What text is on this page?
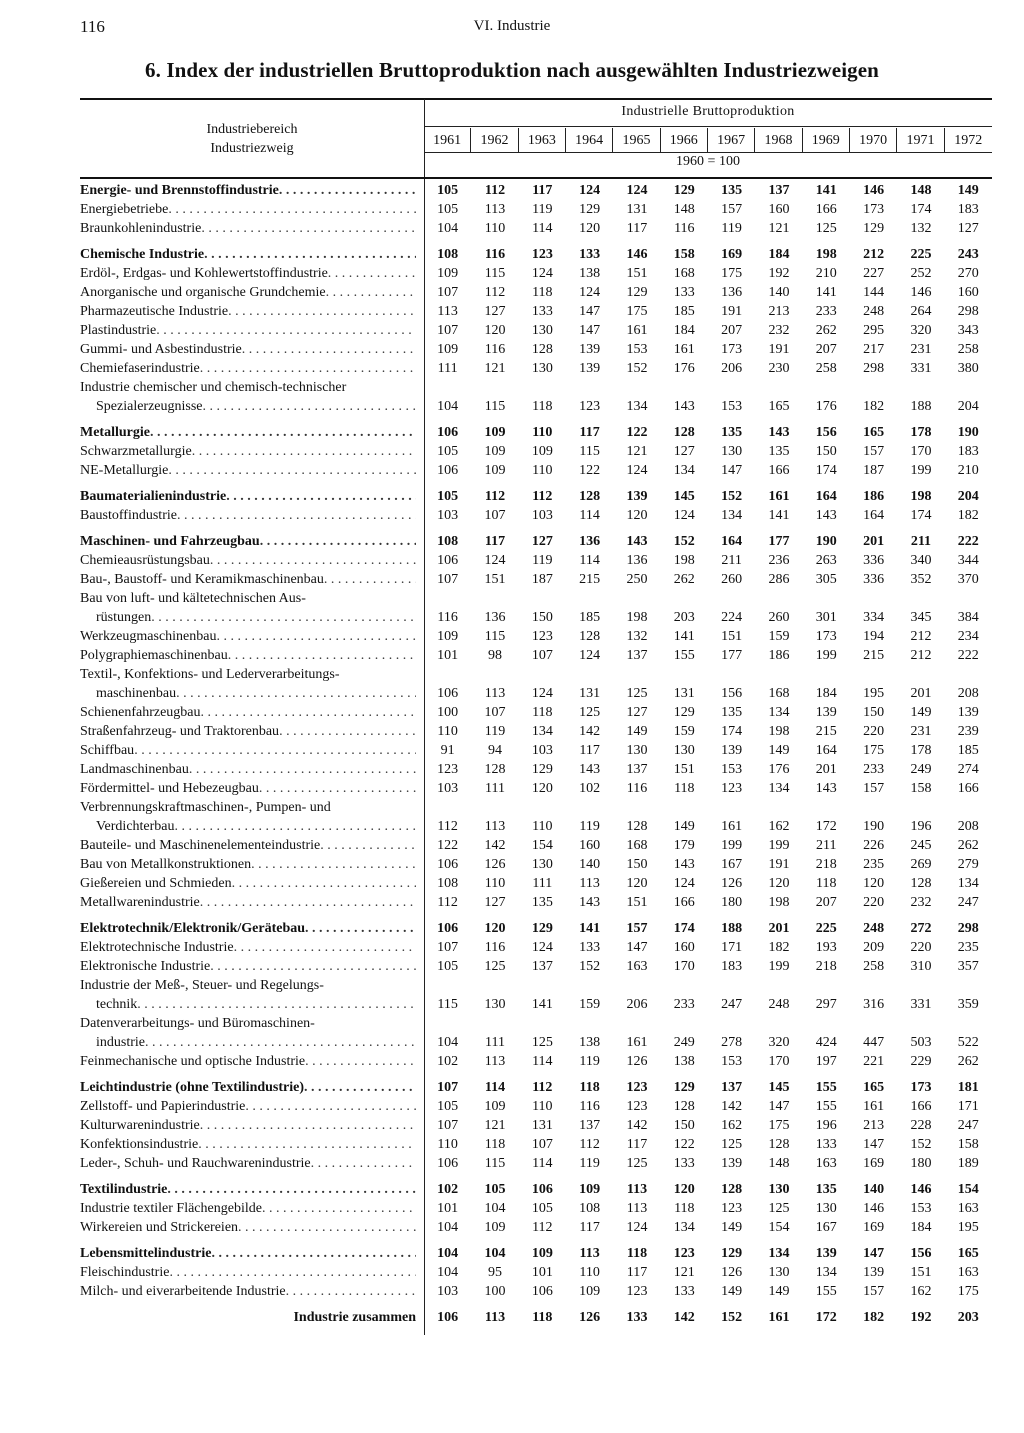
116	VI. Industrie
6. Index der industriellen Bruttoproduktion nach ausgewählten Industriezweigen
Industrielle Bruttoproduktion
Industriebereich
Industriezweig
1961	1962	1963	1964	1965	1966	1967	1968	1969	1970	1971	1972
1960 = 100
Energie- und Brennstoffindustrie . . .	105	112	117	124	124	129	135	137	141	146	148	149
Energiebetriebe . . .	105	113	119	129	131	148	157	160	166	173	174	183
Braunkohlenindustrie . . .	104	110	114	120	117	116	119	121	125	129	132	127
Chemische Industrie . . .	108	116	123	133	146	158	169	184	198	212	225	243
Erdöl-, Erdgas- und Kohlewertstoffindustrie . . .	109	115	124	138	151	168	175	192	210	227	252	270
Anorganische und organische Grundchemie . . .	107	112	118	124	129	133	136	140	141	144	146	160
Pharmazeutische Industrie . . .	113	127	133	147	175	185	191	213	233	248	264	298
Plastindustrie . . .	107	120	130	147	161	184	207	232	262	295	320	343
Gummi- und Asbestindustrie . . .	109	116	128	139	153	161	173	191	207	217	231	258
Chemiefaserindustrie . . .	111	121	130	139	152	176	206	230	258	298	331	380
Industrie chemischer und chemisch-technischer
Spezialerzeugnisse . . .	104	115	118	123	134	143	153	165	176	182	188	204
Metallurgie . . .	106	109	110	117	122	128	135	143	156	165	178	190
Schwarzmetallurgie . . .	105	109	109	115	121	127	130	135	150	157	170	183
NE-Metallurgie . . .	106	109	110	122	124	134	147	166	174	187	199	210
Baumaterialienindustrie . . .	105	112	112	128	139	145	152	161	164	186	198	204
Baustoffindustrie . . .	103	107	103	114	120	124	134	141	143	164	174	182
Maschinen- und Fahrzeugbau . . .	108	117	127	136	143	152	164	177	190	201	211	222
Chemieausrüstungsbau . . .	106	124	119	114	136	198	211	236	263	336	340	344
Bau-, Baustoff- und Keramikmaschinenbau . . .	107	151	187	215	250	262	260	286	305	336	352	370
Bau von luft- und kältetechnischen Aus-
rüstungen . . .	116	136	150	185	198	203	224	260	301	334	345	384
Werkzeugmaschinenbau . . .	109	115	123	128	132	141	151	159	173	194	212	234
Polygraphiemaschinenbau . . .	101	98	107	124	137	155	177	186	199	215	212	222
Textil-, Konfektions- und Lederverarbeitungs-
maschinenbau . . .	106	113	124	131	125	131	156	168	184	195	201	208
Schienenfahrzeugbau . . .	100	107	118	125	127	129	135	134	139	150	149	139
Straßenfahrzeug- und Traktorenbau . . .	110	119	134	142	149	159	174	198	215	220	231	239
Schiffbau . . .	91	94	103	117	130	130	139	149	164	175	178	185
Landmaschinenbau . . .	123	128	129	143	137	151	153	176	201	233	249	274
Fördermittel- und Hebezeugbau . . .	103	111	120	102	116	118	123	134	143	157	158	166
Verbrennungskraftmaschinen-, Pumpen- und
Verdichterbau . . .	112	113	110	119	128	149	161	162	172	190	196	208
Bauteile- und Maschinenelementeindustrie . . .	122	142	154	160	168	179	199	199	211	226	245	262
Bau von Metallkonstruktionen . . .	106	126	130	140	150	143	167	191	218	235	269	279
Gießereien und Schmieden . . .	108	110	111	113	120	124	126	120	118	120	128	134
Metallwarenindustrie . . .	112	127	135	143	151	166	180	198	207	220	232	247
Elektrotechnik/Elektronik/Gerätebau . . .	106	120	129	141	157	174	188	201	225	248	272	298
Elektrotechnische Industrie . . .	107	116	124	133	147	160	171	182	193	209	220	235
Elektronische Industrie . . .	105	125	137	152	163	170	183	199	218	258	310	357
Industrie der Meß-, Steuer- und Regelungs-
technik . . .	115	130	141	159	206	233	247	248	297	316	331	359
Datenverarbeitungs- und Büromaschinen-
industrie . . .	104	111	125	138	161	249	278	320	424	447	503	522
Feinmechanische und optische Industrie . . .	102	113	114	119	126	138	153	170	197	221	229	262
Leichtindustrie (ohne Textilindustrie) . . .	107	114	112	118	123	129	137	145	155	165	173	181
Zellstoff- und Papierindustrie . . .	105	109	110	116	123	128	142	147	155	161	166	171
Kulturwarenindustrie . . .	107	121	131	137	142	150	162	175	196	213	228	247
Konfektionsindustrie . . .	110	118	107	112	117	122	125	128	133	147	152	158
Leder-, Schuh- und Rauchwarenindustrie . . .	106	115	114	119	125	133	139	148	163	169	180	189
Textilindustrie . . .	102	105	106	109	113	120	128	130	135	140	146	154
Industrie textiler Flächengebilde . . .	101	104	105	108	113	118	123	125	130	146	153	163
Wirkereien und Strickereien . . .	104	109	112	117	124	134	149	154	167	169	184	195
Lebensmittelindustrie . . .	104	104	109	113	118	123	129	134	139	147	156	165
Fleischindustrie . . .	104	95	101	110	117	121	126	130	134	139	151	163
Milch- und eiverarbeitende Industrie . . .	103	100	106	109	123	133	149	149	155	157	162	175
Industrie zusammen	106	113	118	126	133	142	152	161	172	182	192	203
